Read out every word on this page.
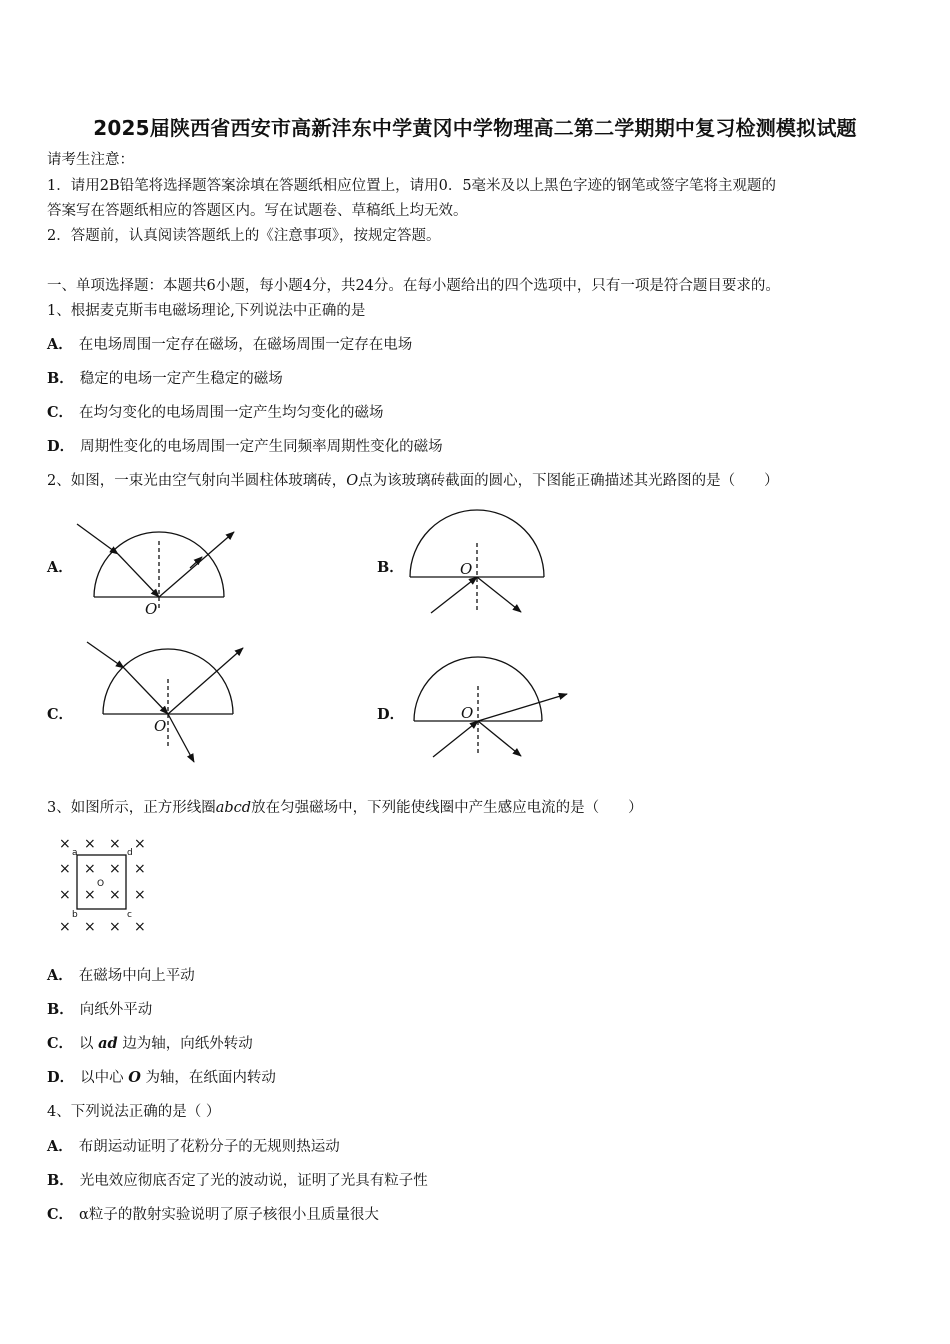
2025届陕西省西安市高新沣东中学黄冈中学物理高二第二学期期中复习检测模拟试题
请考生注意：
1．请用2B铅笔将选择题答案涂填在答题纸相应位置上，请用0．5毫米及以上黑色字迹的钢笔或签字笔将主观题的
答案写在答题纸相应的答题区内。写在试题卷、草稿纸上均无效。
2．答题前，认真阅读答题纸上的《注意事项》，按规定答题。
一、单项选择题：本题共6小题，每小题4分，共24分。在每小题给出的四个选项中，只有一项是符合题目要求的。
1、根据麦克斯韦电磁场理论,下列说法中正确的是
A． 在电场周围一定存在磁场，在磁场周围一定存在电场
B． 稳定的电场一定产生稳定的磁场
C． 在均匀变化的电场周围一定产生均匀变化的磁场
D． 周期性变化的电场周围一定产生同频率周期性变化的磁场
2、如图，一束光由空气射向半圆柱体玻璃砖，O点为该玻璃砖截面的圆心，下图能正确描述其光路图的是（　　）
A．	B．
C．	D．
O
O
O
O
3、如图所示，正方形线圈abcd放在匀强磁场中，下列能使线圈中产生感应电流的是（　　）
× × × ×
× × × ×
× × × ×
× × × ×
a
b	c
d
O
A． 在磁场中向上平动
B． 向纸外平动
C． 以 ad 边为轴，向纸外转动
D． 以中心 O 为轴，在纸面内转动
4、下列说法正确的是（ ）
A． 布朗运动证明了花粉分子的无规则热运动
B． 光电效应彻底否定了光的波动说，证明了光具有粒子性
C． α粒子的散射实验说明了原子核很小且质量很大
